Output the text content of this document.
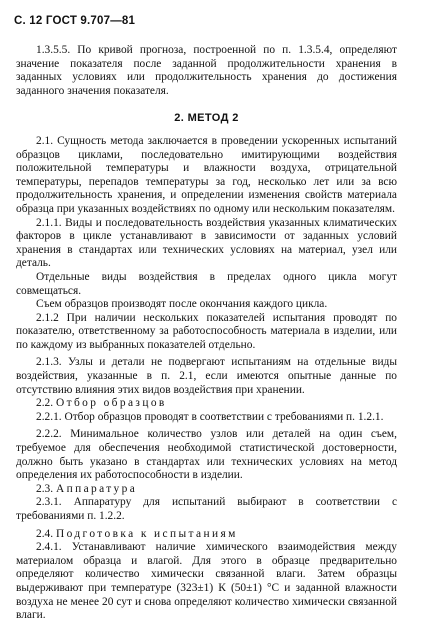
С. 12 ГОСТ 9.707—81

1.3.5.5. По кривой прогноза, построенной по п. 1.3.5.4, определяют значение показателя после заданной продолжительности хранения в заданных условиях или продолжительность хранения до достижения заданного значения показателя.

2. МЕТОД 2

2.1. Сущность метода заключается в проведении ускоренных испытаний образцов циклами, последовательно имитирующими воздействия положительной температуры и влажности воздуха, отрицательной температуры, перепадов температуры за год, несколько лет или за всю продолжительность хранения, и определении изменения свойств материала образца при указанных воздействиях по одному или нескольким показателям.

2.1.1. Виды и последовательность воздействия указанных климатических факторов в цикле устанавливают в зависимости от заданных условий хранения в стандартах или технических условиях на материал, узел или деталь.

Отдельные виды воздействия в пределах одного цикла могут совмещаться.

Съем образцов производят после окончания каждого цикла.

2.1.2 При наличии нескольких показателей испытания проводят по показателю, ответственному за работоспособность материала в изделии, или по каждому из выбранных показателей отдельно.

2.1.3. Узлы и детали не подвергают испытаниям на отдельные виды воздействия, указанные в п. 2.1, если имеются опытные данные по отсутствию влияния этих видов воздействия при хранении.

2.2. Отбор образцов

2.2.1. Отбор образцов проводят в соответствии с требованиями п. 1.2.1.

2.2.2. Минимальное количество узлов или деталей на один съем, требуемое для обеспечения необходимой статистической достоверности, должно быть указано в стандартах или технических условиях на метод определения их работоспособности в изделии.

2.3. Аппаратура

2.3.1. Аппаратуру для испытаний выбирают в соответствии с требованиями п. 1.2.2.

2.4. Подготовка к испытаниям

2.4.1. Устанавливают наличие химического взаимодействия между материалом образца и влагой. Для этого в образце предварительно определяют количество химически связанной влаги. Затем образцы выдерживают при температуре (323±1) К (50±1) °С и заданной влажности воздуха не менее 20 сут и снова определяют количество химически связанной влаги.
